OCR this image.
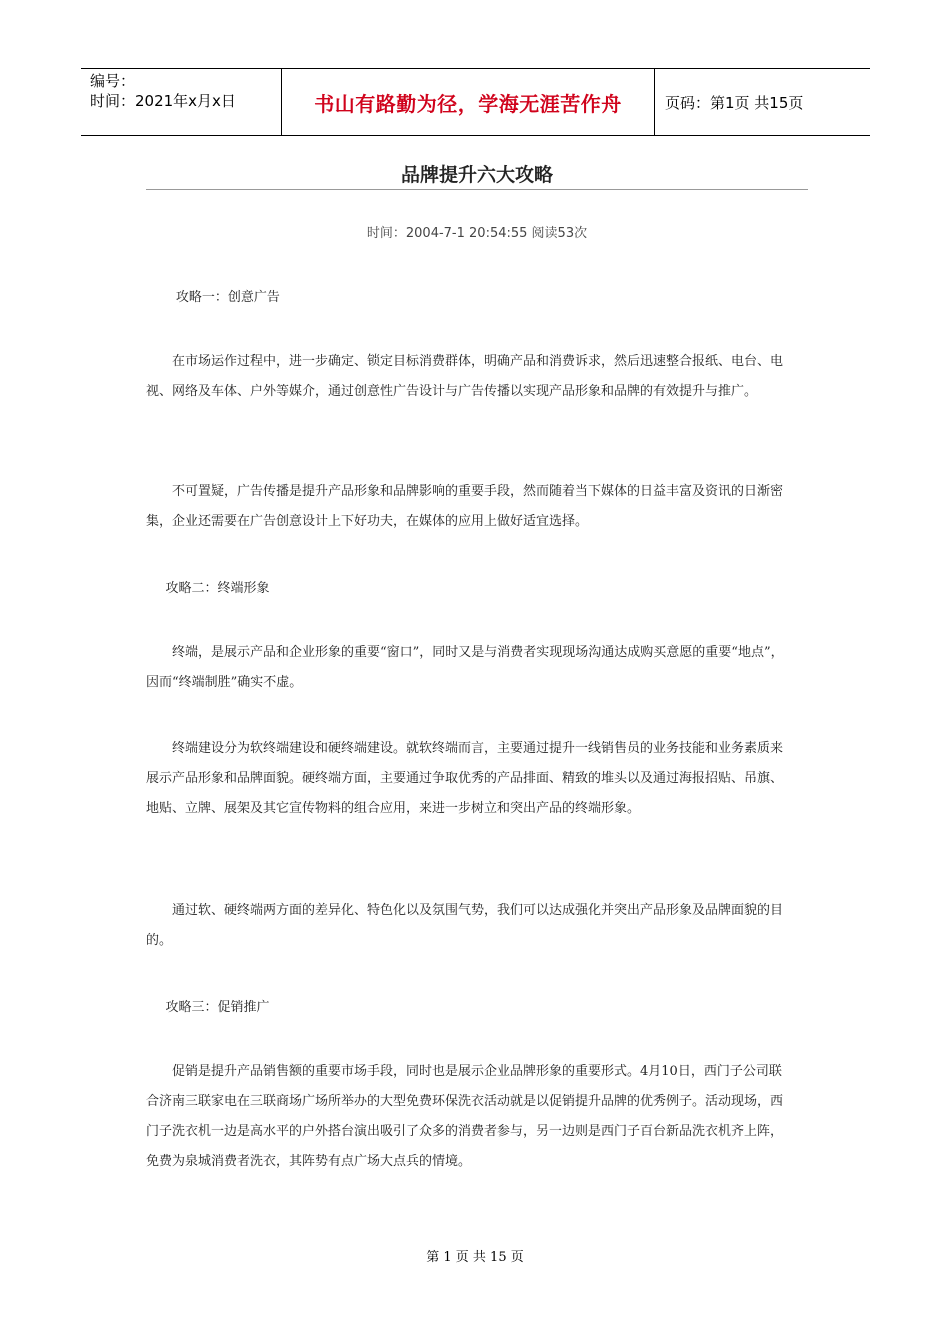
编号：
时间：2021年x月x日	书山有路勤为径，学海无涯苦作舟	页码：第1页 共15页
品牌提升六大攻略
时间：2004-7-1 20:54:55 阅读53次

攻略一：创意广告

在市场运作过程中，进一步确定、锁定目标消费群体，明确产品和消费诉求，然后迅速整合报纸、电台、电视、网络及车体、户外等媒介，通过创意性广告设计与广告传播以实现产品形象和品牌的有效提升与推广。

不可置疑，广告传播是提升产品形象和品牌影响的重要手段，然而随着当下媒体的日益丰富及资讯的日渐密集，企业还需要在广告创意设计上下好功夫，在媒体的应用上做好适宜选择。

攻略二：终端形象

终端，是展示产品和企业形象的重要“窗口”，同时又是与消费者实现现场沟通达成购买意愿的重要“地点”，因而“终端制胜”确实不虚。

终端建设分为软终端建设和硬终端建设。就软终端而言，主要通过提升一线销售员的业务技能和业务素质来展示产品形象和品牌面貌。硬终端方面，主要通过争取优秀的产品排面、精致的堆头以及通过海报招贴、吊旗、地贴、立牌、展架及其它宣传物料的组合应用，来进一步树立和突出产品的终端形象。

通过软、硬终端两方面的差异化、特色化以及氛围气势，我们可以达成强化并突出产品形象及品牌面貌的目的。

攻略三：促销推广

促销是提升产品销售额的重要市场手段，同时也是展示企业品牌形象的重要形式。4月10日，西门子公司联合济南三联家电在三联商场广场所举办的大型免费环保洗衣活动就是以促销提升品牌的优秀例子。活动现场，西门子洗衣机一边是高水平的户外搭台演出吸引了众多的消费者参与，另一边则是西门子百台新品洗衣机齐上阵，免费为泉城消费者洗衣，其阵势有点广场大点兵的情境。

第 1 页 共 15 页
